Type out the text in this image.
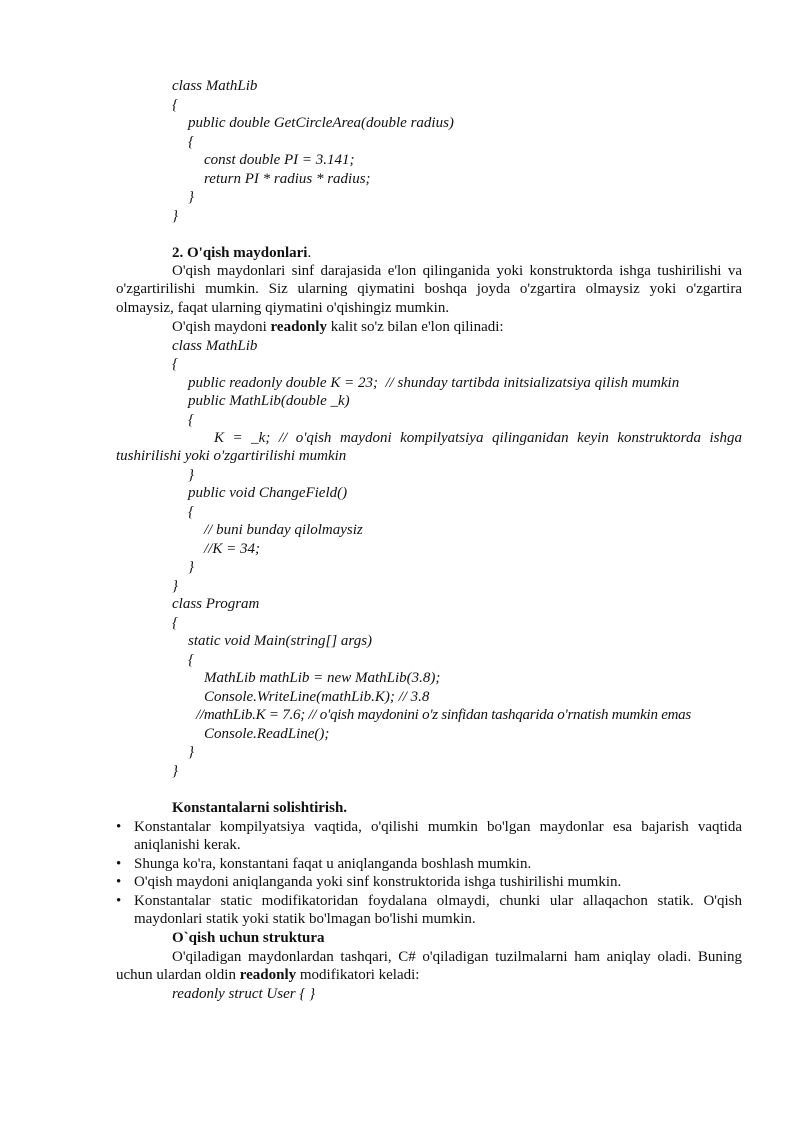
class MathLib
{
public double GetCircleArea(double radius)
{
const double PI = 3.141;
return PI * radius * radius;
}
}
2. O'qish maydonlari.
O'qish maydonlari sinf darajasida e'lon qilinganida yoki konstruktorda ishga tushirilishi va o'zgartirilishi mumkin. Siz ularning qiymatini boshqa joyda o'zgartira olmaysiz yoki o'zgartira olmaysiz, faqat ularning qiymatini o'qishingiz mumkin.
O'qish maydoni readonly kalit so'z bilan e'lon qilinadi:
class MathLib
{
public readonly double K = 23;  // shunday tartibda initsializatsiya qilish mumkin
public MathLib(double _k)
{
K = _k; // o'qish maydoni kompilyatsiya qilinganidan keyin konstruktorda ishga tushirilishi yoki o'zgartirilishi mumkin
}
public void ChangeField()
{
// buni bunday qilolmaysiz
//K = 34;
}
}
class Program
{
static void Main(string[] args)
{
MathLib mathLib = new MathLib(3.8);
Console.WriteLine(mathLib.K); // 3.8
//mathLib.K = 7.6; // o'qish maydonini o'z sinfidan tashqarida o'rnatish mumkin emas
Console.ReadLine();
}
}
Konstantalarni solishtirish.
• Konstantalar kompilyatsiya vaqtida, o'qilishi mumkin bo'lgan maydonlar esa bajarish vaqtida aniqlanishi kerak.
• Shunga ko'ra, konstantani faqat u aniqlanganda boshlash mumkin.
• O'qish maydoni aniqlanganda yoki sinf konstruktorida ishga tushirilishi mumkin.
• Konstantalar static modifikatoridan foydalana olmaydi, chunki ular allaqachon statik. O'qish maydonlari statik yoki statik bo'lmagan bo'lishi mumkin.
O`qish uchun struktura
O'qiladigan maydonlardan tashqari, C# o'qiladigan tuzilmalarni ham aniqlay oladi. Buning uchun ulardan oldin readonly modifikatori keladi:
readonly struct User { }
